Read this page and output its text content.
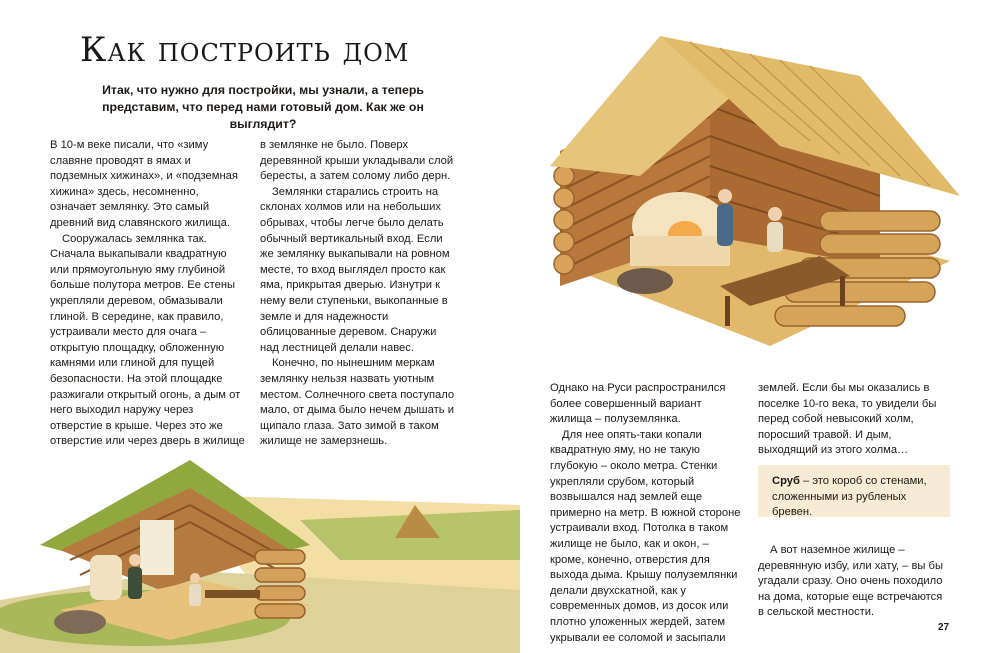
Как построить дом
Итак, что нужно для постройки, мы узнали, а теперь представим, что перед нами готовый дом. Как же он выглядит?

В 10-м веке писали, что «зиму славяне проводят в ямах и подземных хижинах», и «подземная хижина» здесь, несомненно, означает землянку. Это самый древний вид славянского жилища.

Сооружалась землянка так. Сначала выкапывали квадратную или прямоугольную яму глубиной больше полутора метров. Ее стены укрепляли деревом, обмазывали глиной. В середине, как правило, устраивали место для очага – открытую площадку, обложенную камнями или глиной для пущей безопасности. На этой площадке разжигали открытый огонь, а дым от него выходил наружу через отверстие в крыше. Через это же отверстие или через дверь в жилище

в землянке не было. Поверх деревянной крыши укладывали слой бересты, а затем солому либо дерн.

Землянки старались строить на склонах холмов или на небольших обрывах, чтобы легче было делать обычный вертикальный вход. Если же землянку выкапывали на ровном месте, то вход выглядел просто как яма, прикрытая дверью. Изнутри к нему вели ступеньки, выкопанные в земле и для надежности облицованные деревом. Снаружи над лестницей делали навес.

Конечно, по нынешним меркам землянку нельзя назвать уютным местом. Солнечного света поступало мало, от дыма было нечем дышать и щипало глаза. Зато зимой в таком жилище не замерзнешь.

Однако на Руси распространился более совершенный вариант жилища – полуземлянка.

Для нее опять-таки копали квадратную яму, но не такую глубокую – около метра. Стенки укрепляли срубом, который возвышался над землей еще примерно на метр. В южной стороне устраивали вход. Потолка в таком жилище не было, как и окон, – кроме, конечно, отверстия для выхода дыма. Крышу полуземлянки делали двухскатной, как у современных домов, из досок или плотно уложенных жердей, затем укрывали ее соломой и засыпали

землей. Если бы мы оказались в поселке 10-го века, то увидели бы перед собой невысокий холм, поросший травой. И дым, выходящий из этого холма…

А вот наземное жилище – деревянную избу, или хату, – вы бы угадали сразу. Оно очень походило на дома, которые еще встречаются в сельской местности.

Сруб – это короб со стенами, сложенными из рубленых бревен.
27
